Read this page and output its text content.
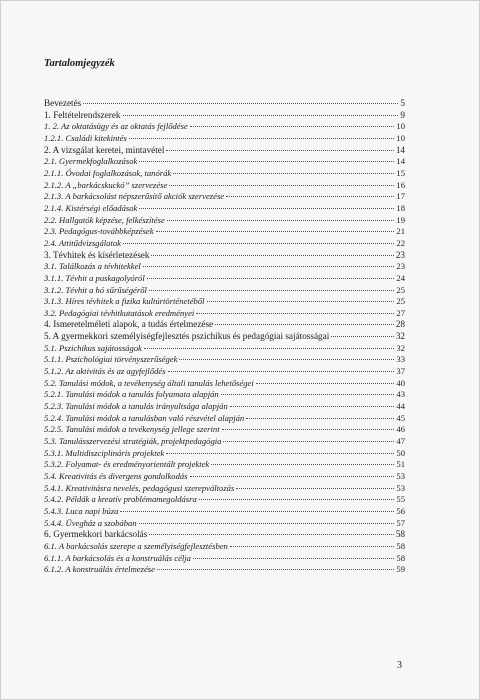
Tartalomjegyzék
Bevezetés	5
1. Feltételrendszerek	9
1. 2. Az oktatásügy és az oktatás fejlődése	10
1.2.1. Családi kitekintés	10
2. A vizsgálat keretei, mintavétel	14
2.1. Gyermekfoglalkozások	14
2.1.1. Óvodai foglalkozások, tanórák	15
2.1.2. A „barkácskuckó” szervezése	16
2.1.3. A barkácsolást népszerűsítő akciók szervezése	17
2.1.4. Kistérségi előadások	18
2.2. Hallgatók képzése, felkészítése	19
2.3. Pedagógus-továbbképzések	21
2.4. Attitűdvizsgálatok	22
3. Tévhitek és kísérletezések	23
3.1. Találkozás a tévhitekkel	23
3.1.1. Tévhit a puskagolyóról	24
3.1.2. Tévhit a hó sűrűségéről	25
3.1.3. Híres tévhitek a fizika kultúrtörténetéből	25
3.2. Pedagógiai tévhitkutatások eredményei	27
4. Ismeretelméleti alapok, a tudás értelmezése	28
5. A gyermekkori személyiségfejlesztés pszichikus és pedagógiai sajátosságai	32
5.1. Pszichikus sajátosságok	32
5.1.1. Pszichológiai törvényszerűségek	33
5.1.2. Az aktivitás és az agyfejlődés	37
5.2. Tanulási módok, a tevékenység általi tanulás lehetőségei	40
5.2.1. Tanulási módok a tanulás folyamata alapján	43
5.2.3. Tanulási módok a tanulás irányultsága alapján	44
5.2.4. Tanulási módok a tanulásban való részvétel alapján	45
5.2.5. Tanulási módok a tevékenység jellege szerint	46
5.3. Tanulásszervezési stratégiák, projektpedagógia	47
5.3.1. Multidiszciplináris projektek	50
5.3.2. Folyamat- és eredményorientált projektek	51
5.4. Kreativitás és divergens gondolkodás	53
5.4.1. Kreativitásra nevelés, pedagógusi szerepváltozás	53
5.4.2. Példák a kreatív problémamegoldásra	55
5.4.3. Luca napi búza	56
5.4.4. Üvegház a szobában	57
6. Gyermekkori barkácsolás	58
6.1. A barkácsolás szerepe a személyiségfejlesztésben	58
6.1.1. A barkácsolás és a konstruálás célja	58
6.1.2. A konstruálás értelmezése	59
3
